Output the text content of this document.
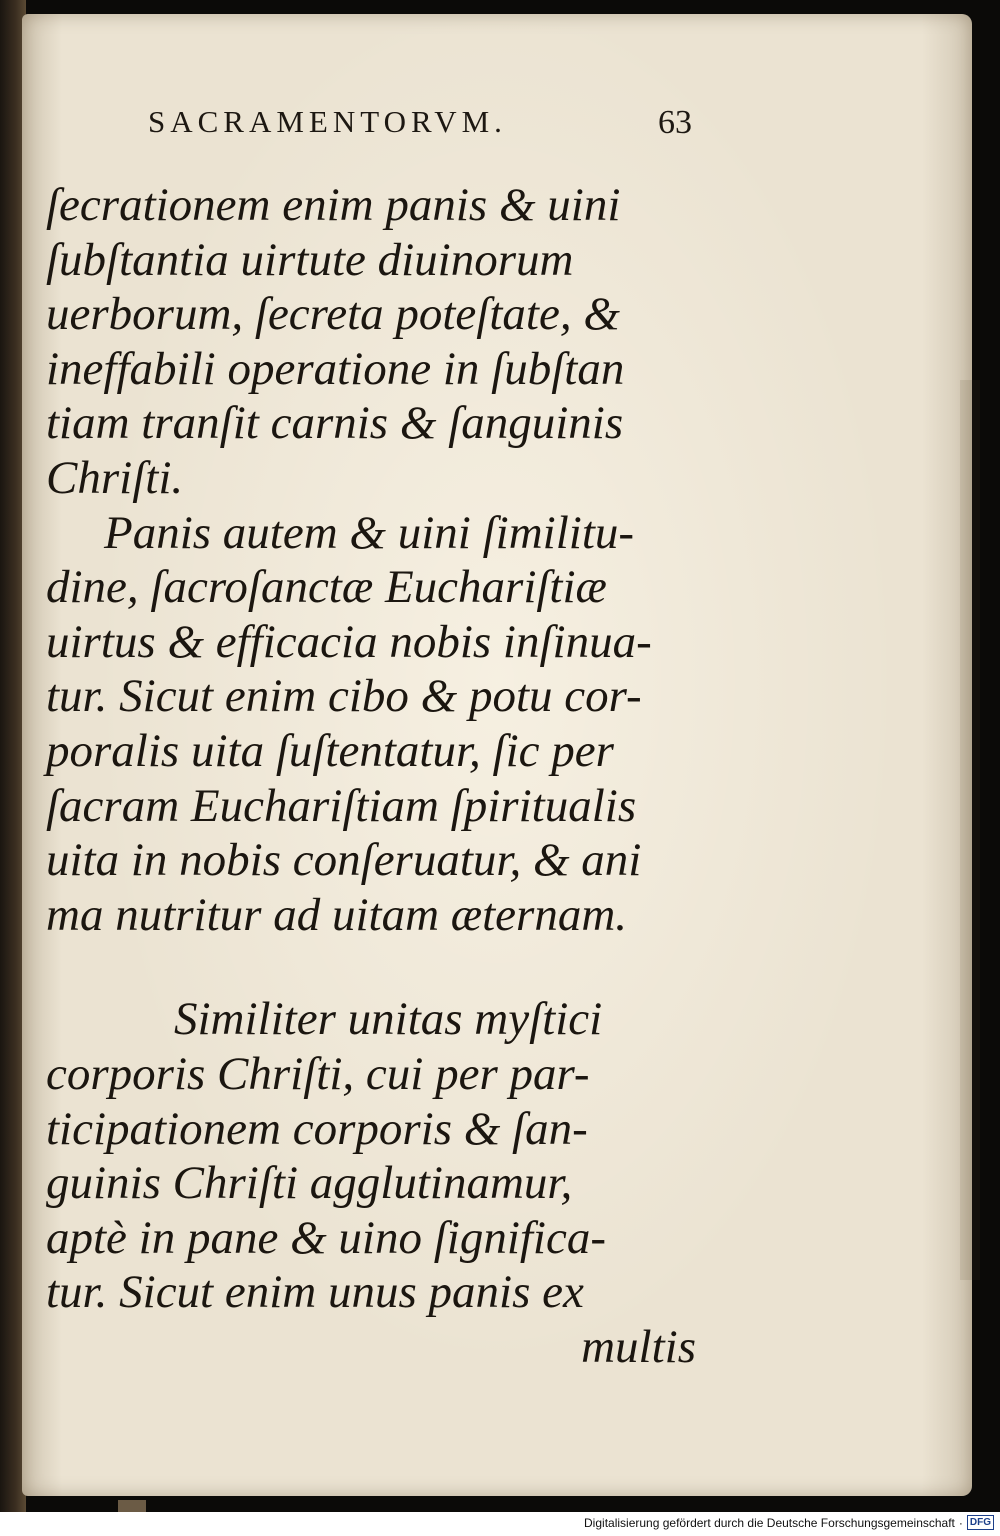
SACRAMENTORVM.	63
ſecrationem enim panis & uini
ſubſtantia uirtute diuinorum
uerborum, ſecreta poteſtate, &
ineffabili operatione in ſubſtan
tiam tranſit carnis & ſanguinis
Chriſti.
Panis autem & uini ſimilitu-
dine, ſacroſanctæ Euchariſtiæ
uirtus & efficacia nobis inſinua-
tur. Sicut enim cibo & potu cor-
poralis uita ſuſtentatur, ſic per
ſacram Euchariſtiam ſpiritualis
uita in nobis conſeruatur, & ani
ma nutritur ad uitam æternam.
Similiter unitas myſtici
corporis Chriſti, cui per par-
ticipationem corporis & ſan-
guinis Chriſti agglutinamur,
aptè in pane & uino ſignifica-
tur. Sicut enim unus panis ex
multis
Digitalisierung gefördert durch die Deutsche Forschungsgemeinschaft · DFG
